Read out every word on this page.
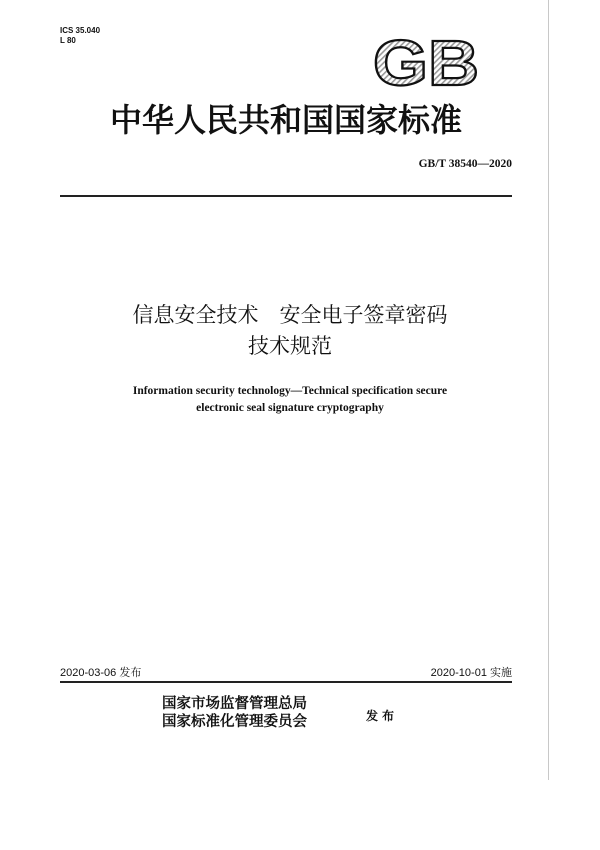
ICS 35.040
L 80	GB
中华人民共和国国家标准
GB/T 38540—2020
信息安全技术　安全电子签章密码
技术规范
Information security technology—Technical specification secure
electronic seal signature cryptography
2020-03-06 发布	2020-10-01 实施
国家市场监督管理总局
国家标准化管理委员会	发布
